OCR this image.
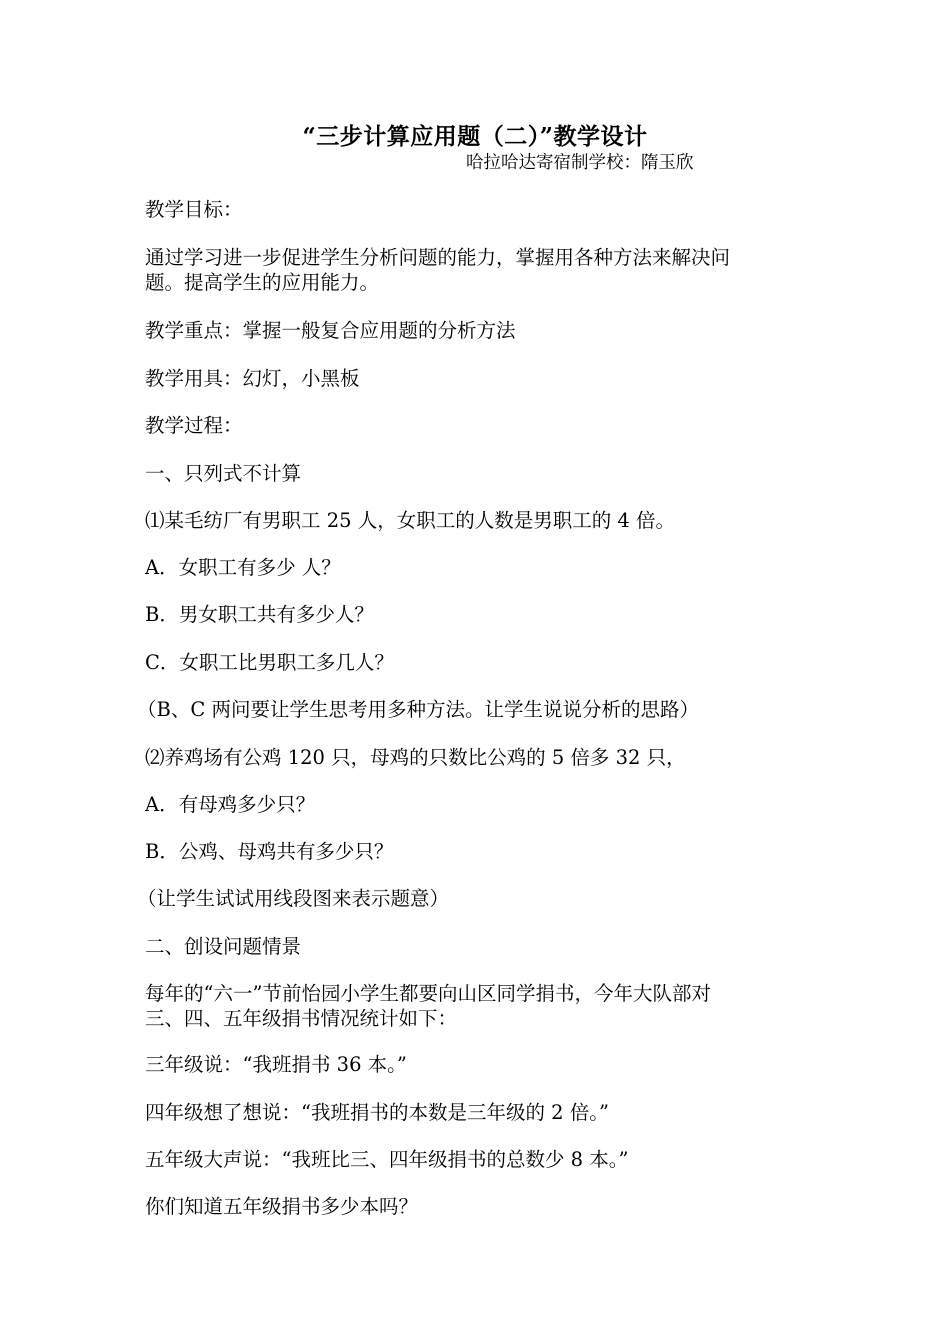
“三步计算应用题（二）”教学设计
哈拉哈达寄宿制学校：隋玉欣
教学目标：
通过学习进一步促进学生分析问题的能力，掌握用各种方法来解决问
题。提高学生的应用能力。
教学重点：掌握一般复合应用题的分析方法
教学用具：幻灯，小黑板
教学过程：
一、只列式不计算
⑴某毛纺厂有男职工 25 人，女职工的人数是男职工的 4 倍。
A．女职工有多少 人？
B．男女职工共有多少人？
C．女职工比男职工多几人？
（B、C 两问要让学生思考用多种方法。让学生说说分析的思路）
⑵养鸡场有公鸡 120 只，母鸡的只数比公鸡的 5 倍多 32 只，
A．有母鸡多少只？
B．公鸡、母鸡共有多少只？
（让学生试试用线段图来表示题意）
二、创设问题情景
每年的“六一”节前怡园小学生都要向山区同学捐书，今年大队部对
三、四、五年级捐书情况统计如下：
三年级说：“我班捐书 36 本。”
四年级想了想说：“我班捐书的本数是三年级的 2 倍。”
五年级大声说：“我班比三、四年级捐书的总数少 8 本。”
你们知道五年级捐书多少本吗？
